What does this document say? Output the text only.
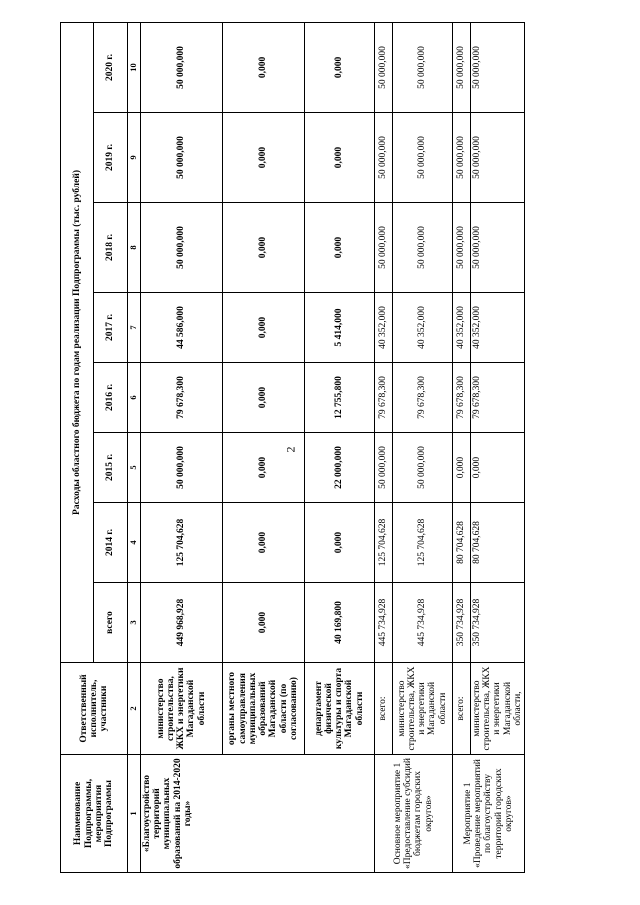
2
Наименование Подпрограммы, мероприятия Подпрограммы	Ответственный исполнитель, участники	Расходы областного бюджета по годам реализации Подпрограммы (тыс. рублей)							
		всего	2014 г.	2015 г.	2016 г.	2017 г.	2018 г.	2019 г.	2020 г.
1	2	3	4	5	6	7	8	9	10
«Благоустройство территорий муниципальных образований на 2014-2020 годы»	министерство строительства, ЖКХ и энергетики Магаданской области	449 968,928	125 704,628	50 000,000	79 678,300	44 586,000	50 000,000	50 000,000	50 000,000
	органы местного самоуправления муниципальных образований Магаданской области (по согласованию)	0,000	0,000	0,000	0,000	0,000	0,000	0,000	0,000
	департамент физической культуры и спорта Магаданской области	40 169,800	0,000	22 000,000	12 755,800	5 414,000	0,000	0,000	0,000
Основное мероприятие 1 «Предоставление субсидий бюджетам городских округов»	всего:	445 734,928	125 704,628	50 000,000	79 678,300	40 352,000	50 000,000	50 000,000	50 000,000
	министерство строительства, ЖКХ и энергетики Магаданской области	445 734,928	125 704,628	50 000,000	79 678,300	40 352,000	50 000,000	50 000,000	50 000,000
Мероприятие 1 «Проведение мероприятий по благоустройству территорий городских округов»	всего:	350 734,928	80 704,628	0,000	79 678,300	40 352,000	50 000,000	50 000,000	50 000,000
	министерство строительства, ЖКХ и энергетики Магаданской области,	350 734,928	80 704,628	0,000	79 678,300	40 352,000	50 000,000	50 000,000	50 000,000
